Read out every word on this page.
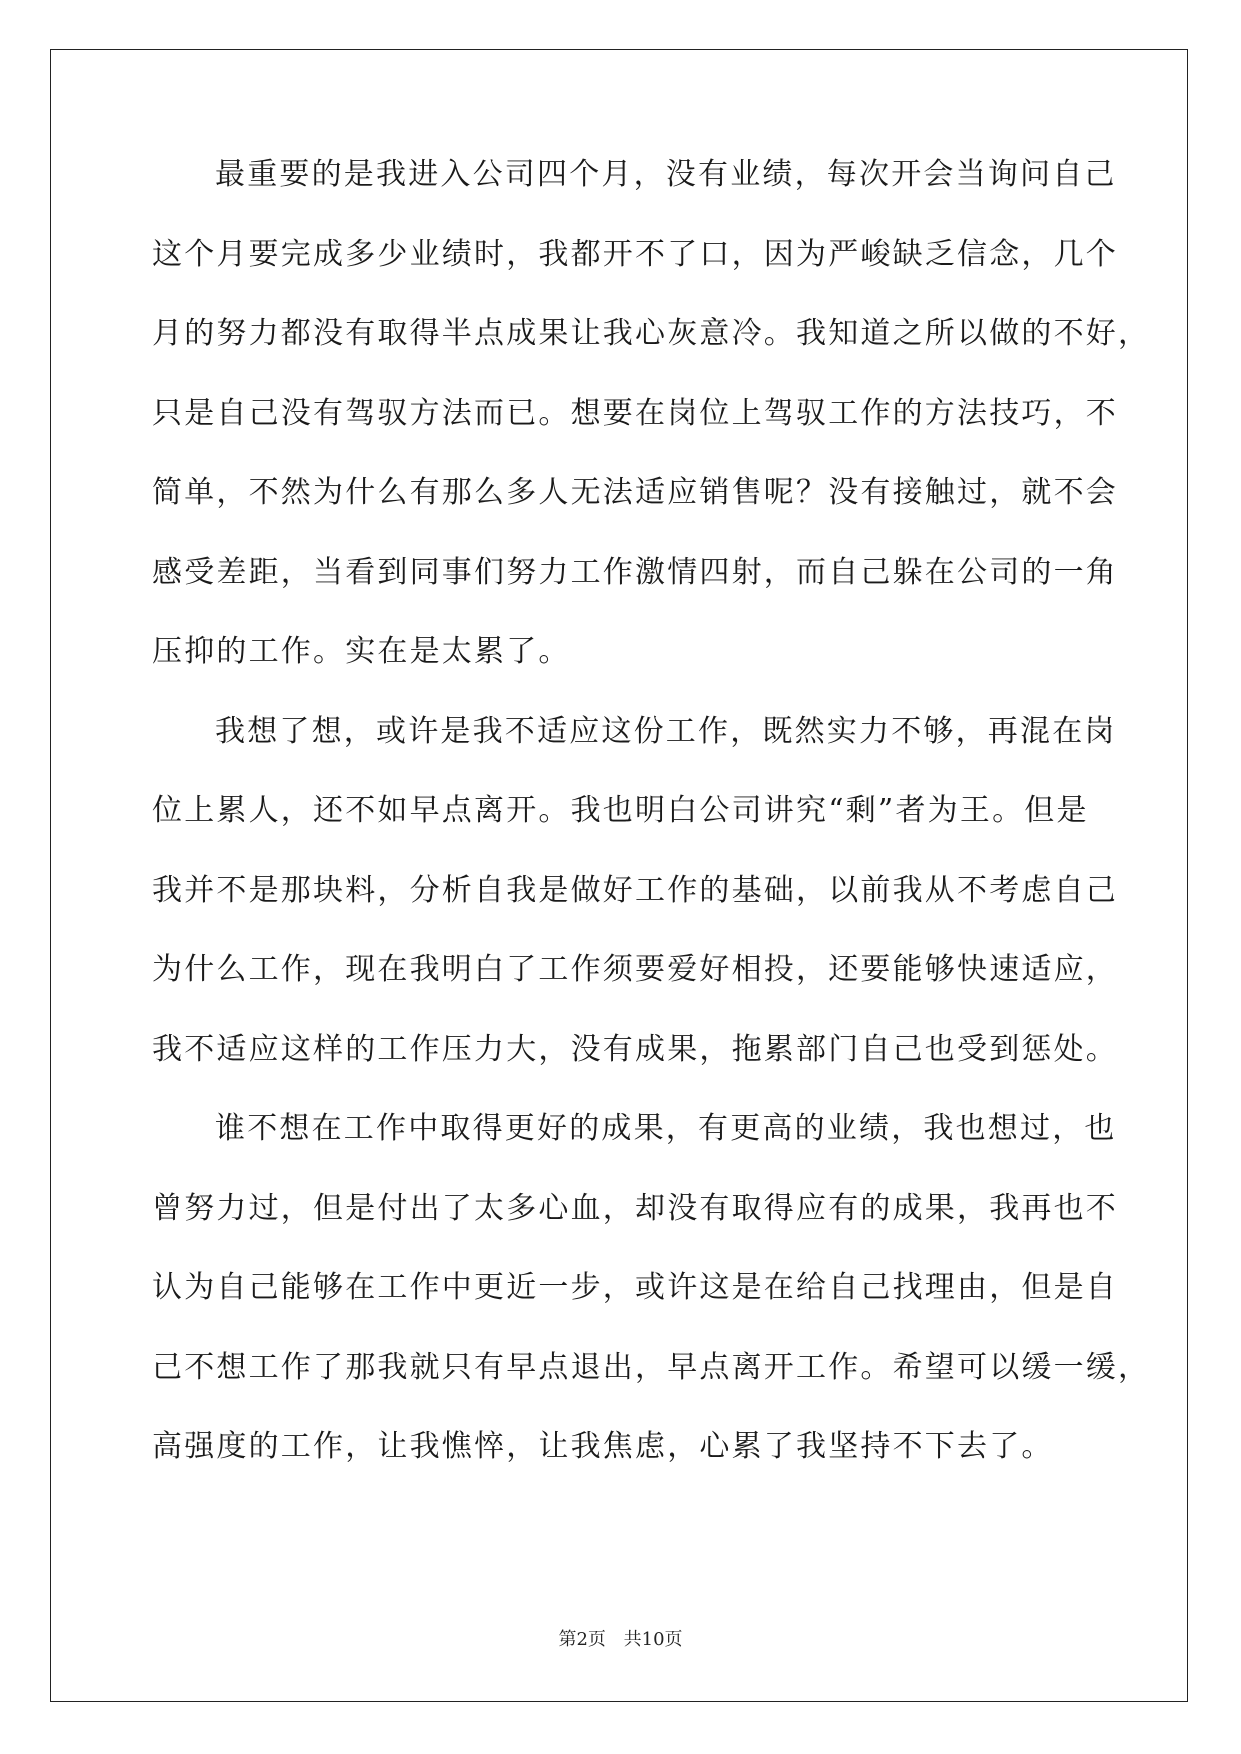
最重要的是我进入公司四个月，没有业绩，每次开会当询问自己
这个月要完成多少业绩时，我都开不了口，因为严峻缺乏信念，几个
月的努力都没有取得半点成果让我心灰意冷。我知道之所以做的不好，
只是自己没有驾驭方法而已。想要在岗位上驾驭工作的方法技巧，不
简单，不然为什么有那么多人无法适应销售呢？没有接触过，就不会
感受差距，当看到同事们努力工作激情四射，而自己躲在公司的一角
压抑的工作。实在是太累了。
我想了想，或许是我不适应这份工作，既然实力不够，再混在岗
位上累人，还不如早点离开。我也明白公司讲究“剩”者为王。但是
我并不是那块料，分析自我是做好工作的基础，以前我从不考虑自己
为什么工作，现在我明白了工作须要爱好相投，还要能够快速适应，
我不适应这样的工作压力大，没有成果，拖累部门自己也受到惩处。
谁不想在工作中取得更好的成果，有更高的业绩，我也想过，也
曾努力过，但是付出了太多心血，却没有取得应有的成果，我再也不
认为自己能够在工作中更近一步，或许这是在给自己找理由，但是自
己不想工作了那我就只有早点退出，早点离开工作。希望可以缓一缓，
高强度的工作，让我憔悴，让我焦虑，心累了我坚持不下去了。
第2页 共10页
